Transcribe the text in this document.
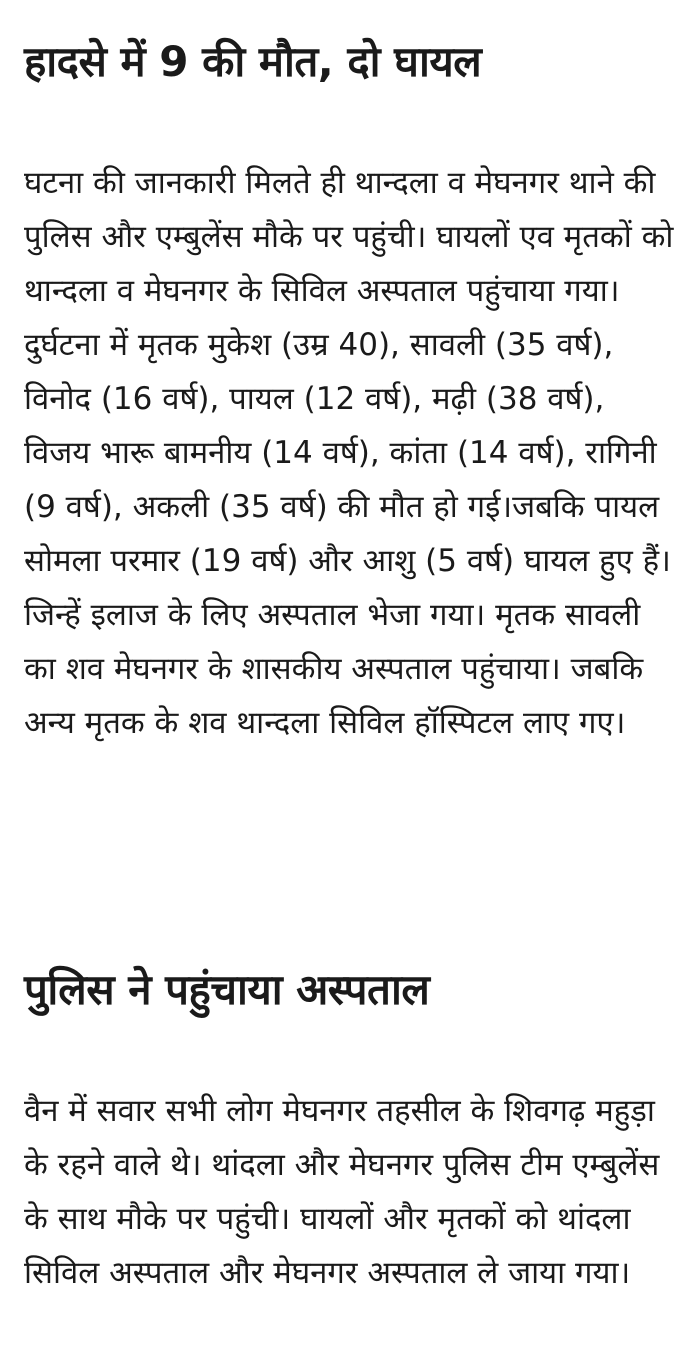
हादसे में 9 की मौत, दो घायल

घटना की जानकारी मिलते ही थान्दला व मेघनगर थाने की पुलिस और एम्बुलेंस मौके पर पहुंची। घायलों एव मृतकों को थान्दला व मेघनगर के सिविल अस्पताल पहुंचाया गया।दुर्घटना में मृतक मुकेश (उम्र 40), सावली (35 वर्ष), विनोद (16 वर्ष), पायल (12 वर्ष), मढ़ी (38 वर्ष), विजय भारू बामनीय (14 वर्ष), कांता (14 वर्ष), रागिनी (9 वर्ष), अकली (35 वर्ष) की मौत हो गई।जबकि पायल सोमला परमार (19 वर्ष) और आशु (5 वर्ष) घायल हुए हैं। जिन्हें इलाज के लिए अस्पताल भेजा गया। मृतक सावली का शव मेघनगर के शासकीय अस्पताल पहुंचाया। जबकि अन्य मृतक के शव थान्दला सिविल हॉस्पिटल लाए गए।

पुलिस ने पहुंचाया अस्पताल

वैन में सवार सभी लोग मेघनगर तहसील के शिवगढ़ महुड़ा के रहने वाले थे। थांदला और मेघनगर पुलिस टीम एम्बुलेंस के साथ मौके पर पहुंची। घायलों और मृतकों को थांदला सिविल अस्पताल और मेघनगर अस्पताल ले जाया गया।
